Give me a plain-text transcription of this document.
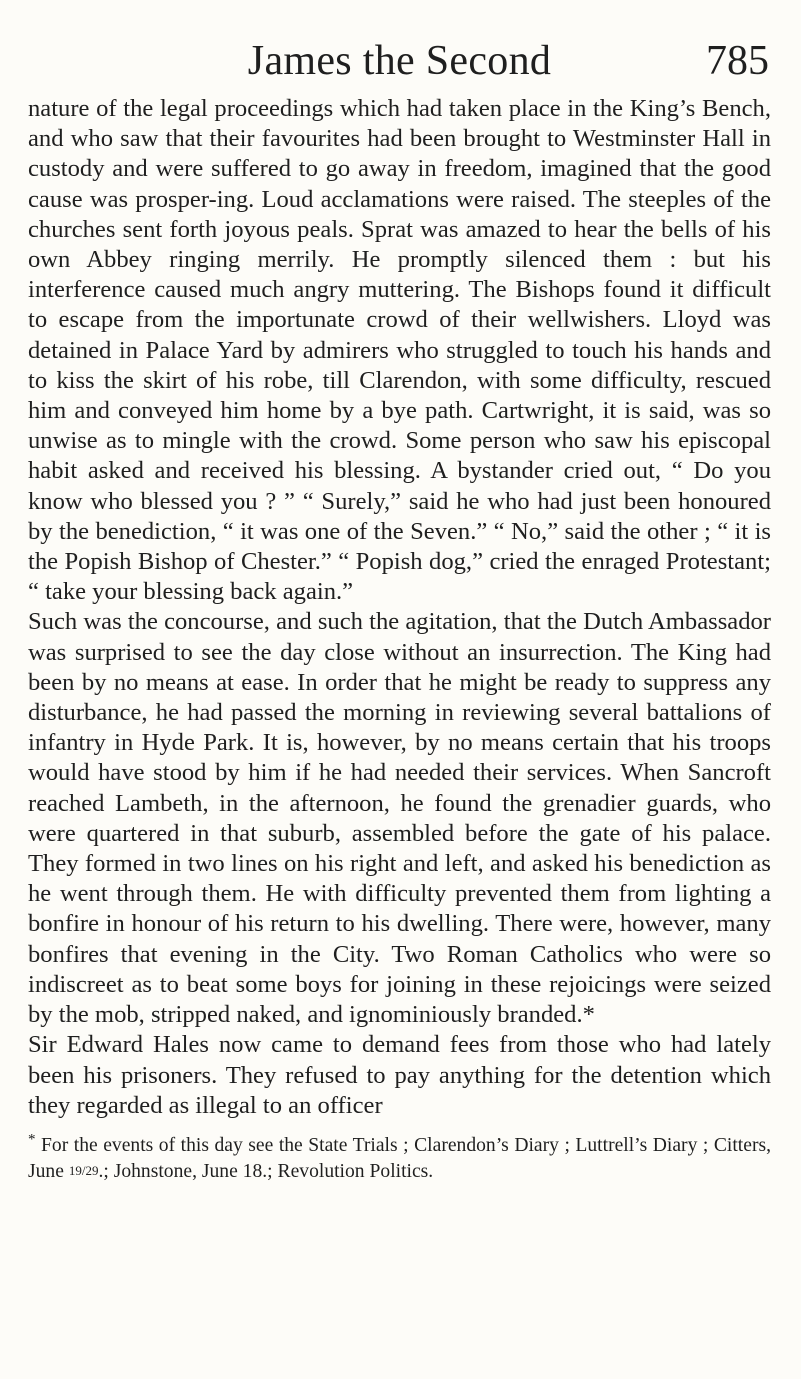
James the Second	785

nature of the legal proceedings which had taken place in the King’s Bench, and who saw that their favourites had been brought to Westminster Hall in custody and were suffered to go away in freedom, imagined that the good cause was prosper-ing. Loud acclamations were raised. The steeples of the churches sent forth joyous peals. Sprat was amazed to hear the bells of his own Abbey ringing merrily. He promptly silenced them : but his interference caused much angry muttering. The Bishops found it difficult to escape from the importunate crowd of their wellwishers. Lloyd was detained in Palace Yard by admirers who struggled to touch his hands and to kiss the skirt of his robe, till Clarendon, with some difficulty, rescued him and conveyed him home by a bye path. Cartwright, it is said, was so unwise as to mingle with the crowd. Some person who saw his episcopal habit asked and received his blessing. A bystander cried out, “ Do you know who blessed you ? ” “ Surely,” said he who had just been honoured by the benediction, “ it was one of the Seven.” “ No,” said the other ; “ it is the Popish Bishop of Chester.” “ Popish dog,” cried the enraged Protestant; “ take your blessing back again.”

Such was the concourse, and such the agitation, that the Dutch Ambassador was surprised to see the day close without an insurrection. The King had been by no means at ease. In order that he might be ready to suppress any disturbance, he had passed the morning in reviewing several battalions of infantry in Hyde Park. It is, however, by no means certain that his troops would have stood by him if he had needed their services. When Sancroft reached Lambeth, in the afternoon, he found the grenadier guards, who were quartered in that suburb, assembled before the gate of his palace. They formed in two lines on his right and left, and asked his benediction as he went through them. He with difficulty prevented them from lighting a bonfire in honour of his return to his dwelling. There were, however, many bonfires that evening in the City. Two Roman Catholics who were so indiscreet as to beat some boys for joining in these rejoicings were seized by the mob, stripped naked, and ignominiously branded.*

Sir Edward Hales now came to demand fees from those who had lately been his prisoners. They refused to pay anything for the detention which they regarded as illegal to an officer

* For the events of this day see the State Trials ; Clarendon’s Diary ; Luttrell’s Diary ; Citters, June 19/29.; Johnstone, June 18.; Revolution Politics.
